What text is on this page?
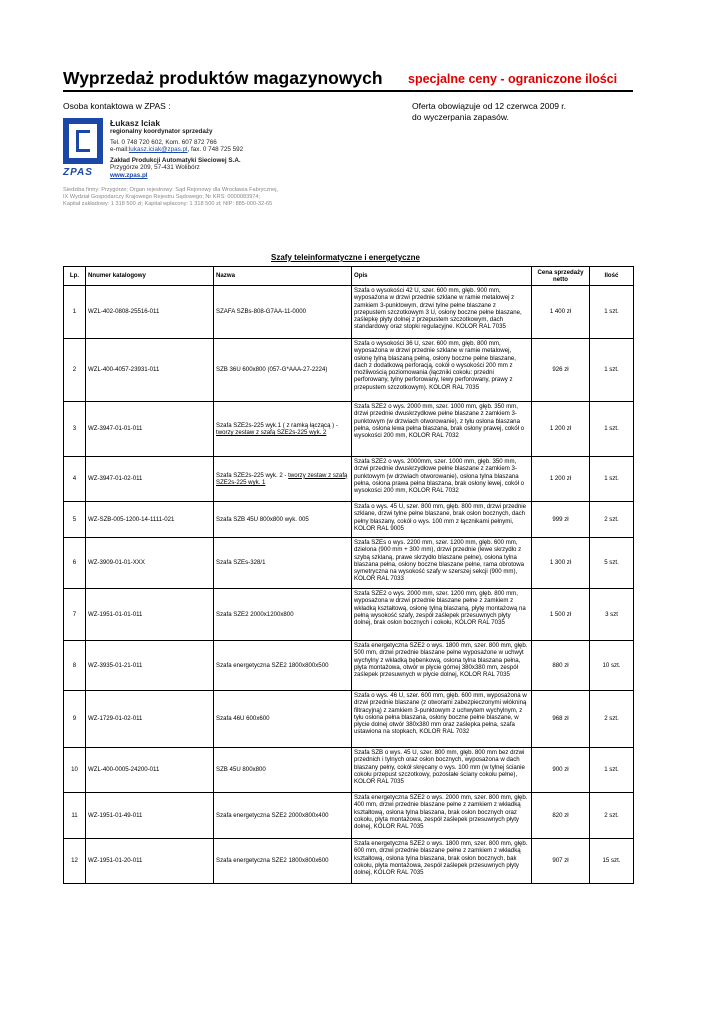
Wyprzedaż produktów magazynowych specjalne ceny - ograniczone ilości
Osoba kontaktowa w ZPAS :	Oferta obowiązuje od 12 czerwca 2009 r.
do wyczerpania zapasów.
ZPAS
Łukasz Iciak
regionalny koordynator sprzedaży
Tel. 0 748 720 602, Kom. 607 872 766
e-mail:lukasz.iciak@zpas.pl, fax. 0 748 725 592
Zakład Produkcji Automatyki Sieciowej S.A.
Przygórze 209, 57-431 Wolibórz
www.zpas.pl
Siedziba firmy: Przygórze; Organ rejestrowy: Sąd Rejonowy dla Wrocławia Fabrycznej,
IX Wydział Gospodarczy Krajowego Rejestru Sądowego; Nr KRS: 0000083974;
Kapitał zakładowy: 1 318 500 zł; Kapitał wpłacony: 1 318 500 zł; NIP: 885-000-32-65
Szafy teleinformatyczne i energetyczne
Lp.	Nnumer katalogowy	Nazwa	Opis	Cena sprzedaży netto	Ilość
1	WZL-402-0808-25516-011	SZAFA SZBs-808-G7AA-11-0000	Szafa o wysokości 42 U, szer. 600 mm, głęb. 900 mm, wyposażona w drzwi przednie szklane w ramie metalowej z zamkiem 3-punktowym, drzwi tylne pełne blaszane z przepustem szczotkowym 3 U, osłony boczne pełne blaszane, zaślepkę płyty dolnej z przepustem szczotkowym, dach standardowy oraz stopki regulacyjne. KOLOR RAL 7035	1 400 zł	1 szt.
2	WZL-400-4057-23931-011	SZB 36U 600x800 (057-G*AAA-27-2224)	Szafa o wysokości 36 U, szer. 600 mm, głęb. 800 mm, wyposażona w drzwi przednie szklane w ramie metalowej, osłonę tylną blaszaną pełną, osłony boczne pełne blaszane, dach z dodatkową perforacją, cokół o wysokości 200 mm z możliwością poziomowania (łączniki cokołu: przedni perforowany, tylny perforowany, lewy perforowany, prawy z przepustem szczotkowym). KOLOR RAL 7035	926 zł	1 szt.
3	WZ-3947-01-01-011	Szafa SZE2s-225 wyk.1 ( z ramką łączącą ) - tworzy zestaw z szafą SZE2s-225 wyk. 2	Szafa SZE2 o wys. 2000 mm, szer. 1000 mm, głęb. 350 mm, drzwi przednie dwuskrzydłowe pełne blaszane z zamkiem 3-punktowym (w drzwiach otworowanie), z tyłu osłona blaszana pełna, osłona lewa pełna blaszana, brak osłony prawej, cokół o wysokości 200 mm, KOLOR RAL 7032	1 200 zł	1 szt.
4	WZ-3947-01-02-011	Szafa SZE2s-225 wyk. 2 - tworzy zestaw z szafą SZE2s-225 wyk. 1	Szafa SZE2 o wys. 2000mm, szer. 1000 mm, głęb. 350 mm, drzwi przednie dwuskrzydłowe pełne blaszane z zamkiem 3-punktowym (w drzwiach otworowanie), osłona tylna blaszana pełna, osłona prawa pełna blaszana, brak osłony lewej, cokół o wysokości 200 mm, KOLOR RAL 7032	1 200 zł	1 szt.
5	WZ-SZB-005-1200-14-1111-021	Szafa SZB 45U 800x800 wyk. 005	Szafa o wys. 45 U, szer. 800 mm, głęb. 800 mm, drzwi przednie szklane, drzwi tylne pełne blaszane, brak osłon bocznych, dach pełny blaszany, cokół o wys. 100 mm z łącznikami pełnymi, KOLOR RAL 9005	999 zł	2 szt.
6	WZ-3909-01-01-XXX	Szafa SZEs-328/1	Szafa SZEs o wys. 2200 mm, szer. 1200 mm, głęb. 600 mm, dzielona (900 mm + 300 mm), drzwi przednie (lewe skrzydło z szybą szklaną, prawe skrzydło blaszane pełne), osłona tylna blaszana pełna, osłony boczne blaszane pełne, rama obrotowa symetryczna na wysokość szafy w szerszej sekcji (900 mm), KOLOR RAL 7033	1 300 zł	5 szt.
7	WZ-1951-01-01-011	Szafa SZE2 2000x1200x800	Szafa SZE2 o wys. 2000 mm, szer. 1200 mm, głęb. 800 mm, wyposażona w drzwi przednie blaszane pełne z zamkiem z wkładką kształtową, osłonę tylną blaszaną, płytę montażową na pełną wysokość szafy, zespół zaślepek przesuwnych płyty dolnej, brak osłon bocznych i cokołu, KOLOR RAL 7035	1 500 zł	3 szt
8	WZ-3935-01-21-011	Szafa energetyczna SZE2 1800x800x500	Szafa energetyczna SZE2 o wys. 1800 mm, szer. 800 mm, głęb. 500 mm, drzwi przednie blaszane pełne wyposażone w uchwyt wychylny z wkładką bębenkową, osłona tylna blaszana pełna, płyta montażowa, otwór w płycie górnej 380x380 mm, zespół zaślepek przesuwnych w płycie dolnej, KOLOR RAL 7035	880 zł	10 szt.
9	WZ-1729-01-02-011	Szafa 46U 600x600	Szafa o wys. 46 U, szer. 600 mm, głęb. 600 mm, wyposażona w drzwi przednie blaszane (z otworami zabezpieczonymi włókniną filtracyjną) z zamkiem 3-punktowym z uchwytem wychylnym, z tyłu osłona pełna blaszana, osłony boczne pełne blaszane, w płycie dolnej otwór 380x380 mm oraz zaślepka pełna, szafa ustawiona na stopkach, KOLOR RAL 7032	968 zł	2 szt.
10	WZL-400-0005-24200-011	SZB 45U 800x800	Szafa SZB o wys. 45 U, szer. 800 mm, głęb. 800 mm bez drzwi przednich i tylnych oraz osłon bocznych, wyposażona w dach blaszany pełny, cokół skręcany o wys. 100 mm (w tylnej ścianie cokołu przepust szczotkowy, pozostałe ściany cokołu pełne), KOLOR RAL 7035	900 zł	1 szt.
11	WZ-1951-01-49-011	Szafa energetyczna SZE2 2000x800x400	Szafa energetyczna SZE2 o wys. 2000 mm, szer. 800 mm, głęb. 400 mm, drzwi przednie blaszane pełne z zamkiem z wkładką kształtową, osłona tylna blaszana, brak osłon bocznych oraz cokołu, płyta montażowa, zespół zaślepek przesuwnych płyty dolnej, KOLOR RAL 7035	820 zł	2 szt.
12	WZ-1951-01-20-011	Szafa energetyczna SZE2 1800x800x600	Szafa energetyczna SZE2 o wys. 1800 mm, szer. 800 mm, głęb. 600 mm, drzwi przednie blaszane pełne z zamkiem z wkładką kształtową, osłona tylna blaszana, brak osłon bocznych, bak cokołu, płyta montażowa, zespół zaślepek przesuwnych płyty dolnej, KOLOR RAL 7035	907 zł	15 szt.
